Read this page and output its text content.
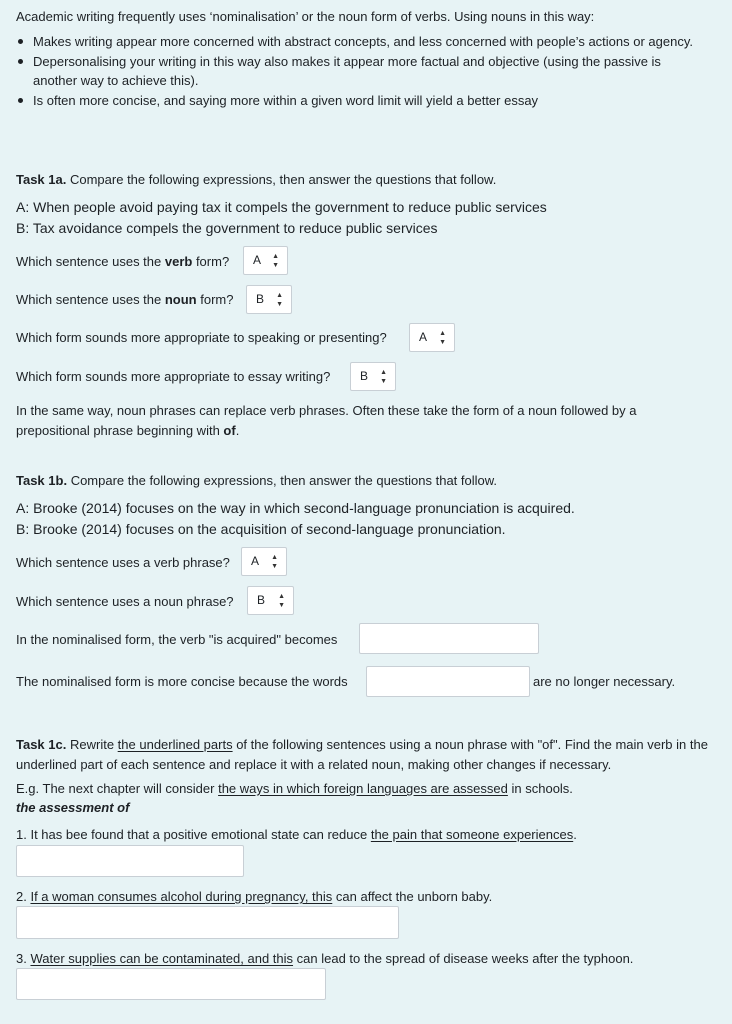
Academic writing frequently uses ‘nominalisation’ or the noun form of verbs. Using nouns in this way:
Makes writing appear more concerned with abstract concepts, and less concerned with people’s actions or agency.
Depersonalising your writing in this way also makes it appear more factual and objective (using the passive is another way to achieve this).
Is often more concise, and saying more within a given word limit will yield a better essay
Task 1a. Compare the following expressions, then answer the questions that follow.
A: When people avoid paying tax it compels the government to reduce public services
B: Tax avoidance compels the government to reduce public services
Which sentence uses the verb form?	A ▲
▼
Which sentence uses the noun form?	B ▲
▼
Which form sounds more appropriate to speaking or presenting?	A ▲
▼
Which form sounds more appropriate to essay writing?	B ▲
▼
In the same way, noun phrases can replace verb phrases. Often these take the form of a noun followed by a prepositional phrase beginning with of.
Task 1b. Compare the following expressions, then answer the questions that follow.
A: Brooke (2014) focuses on the way in which second-language pronunciation is acquired.
B: Brooke (2014) focuses on the acquisition of second-language pronunciation.
Which sentence uses a verb phrase?	A ▲
▼
Which sentence uses a noun phrase?	B ▲
▼
In the nominalised form, the verb "is acquired" becomes
The nominalised form is more concise because the words	are no longer necessary.
Task 1c. Rewrite the underlined parts of the following sentences using a noun phrase with "of". Find the main verb in the underlined part of each sentence and replace it with a related noun, making other changes if necessary.
E.g. The next chapter will consider the ways in which foreign languages are assessed in schools.
the assessment of
1. It has bee found that a positive emotional state can reduce the pain that someone experiences.
2. If a woman consumes alcohol during pregnancy, this can affect the unborn baby.
3. Water supplies can be contaminated, and this can lead to the spread of disease weeks after the typhoon.
